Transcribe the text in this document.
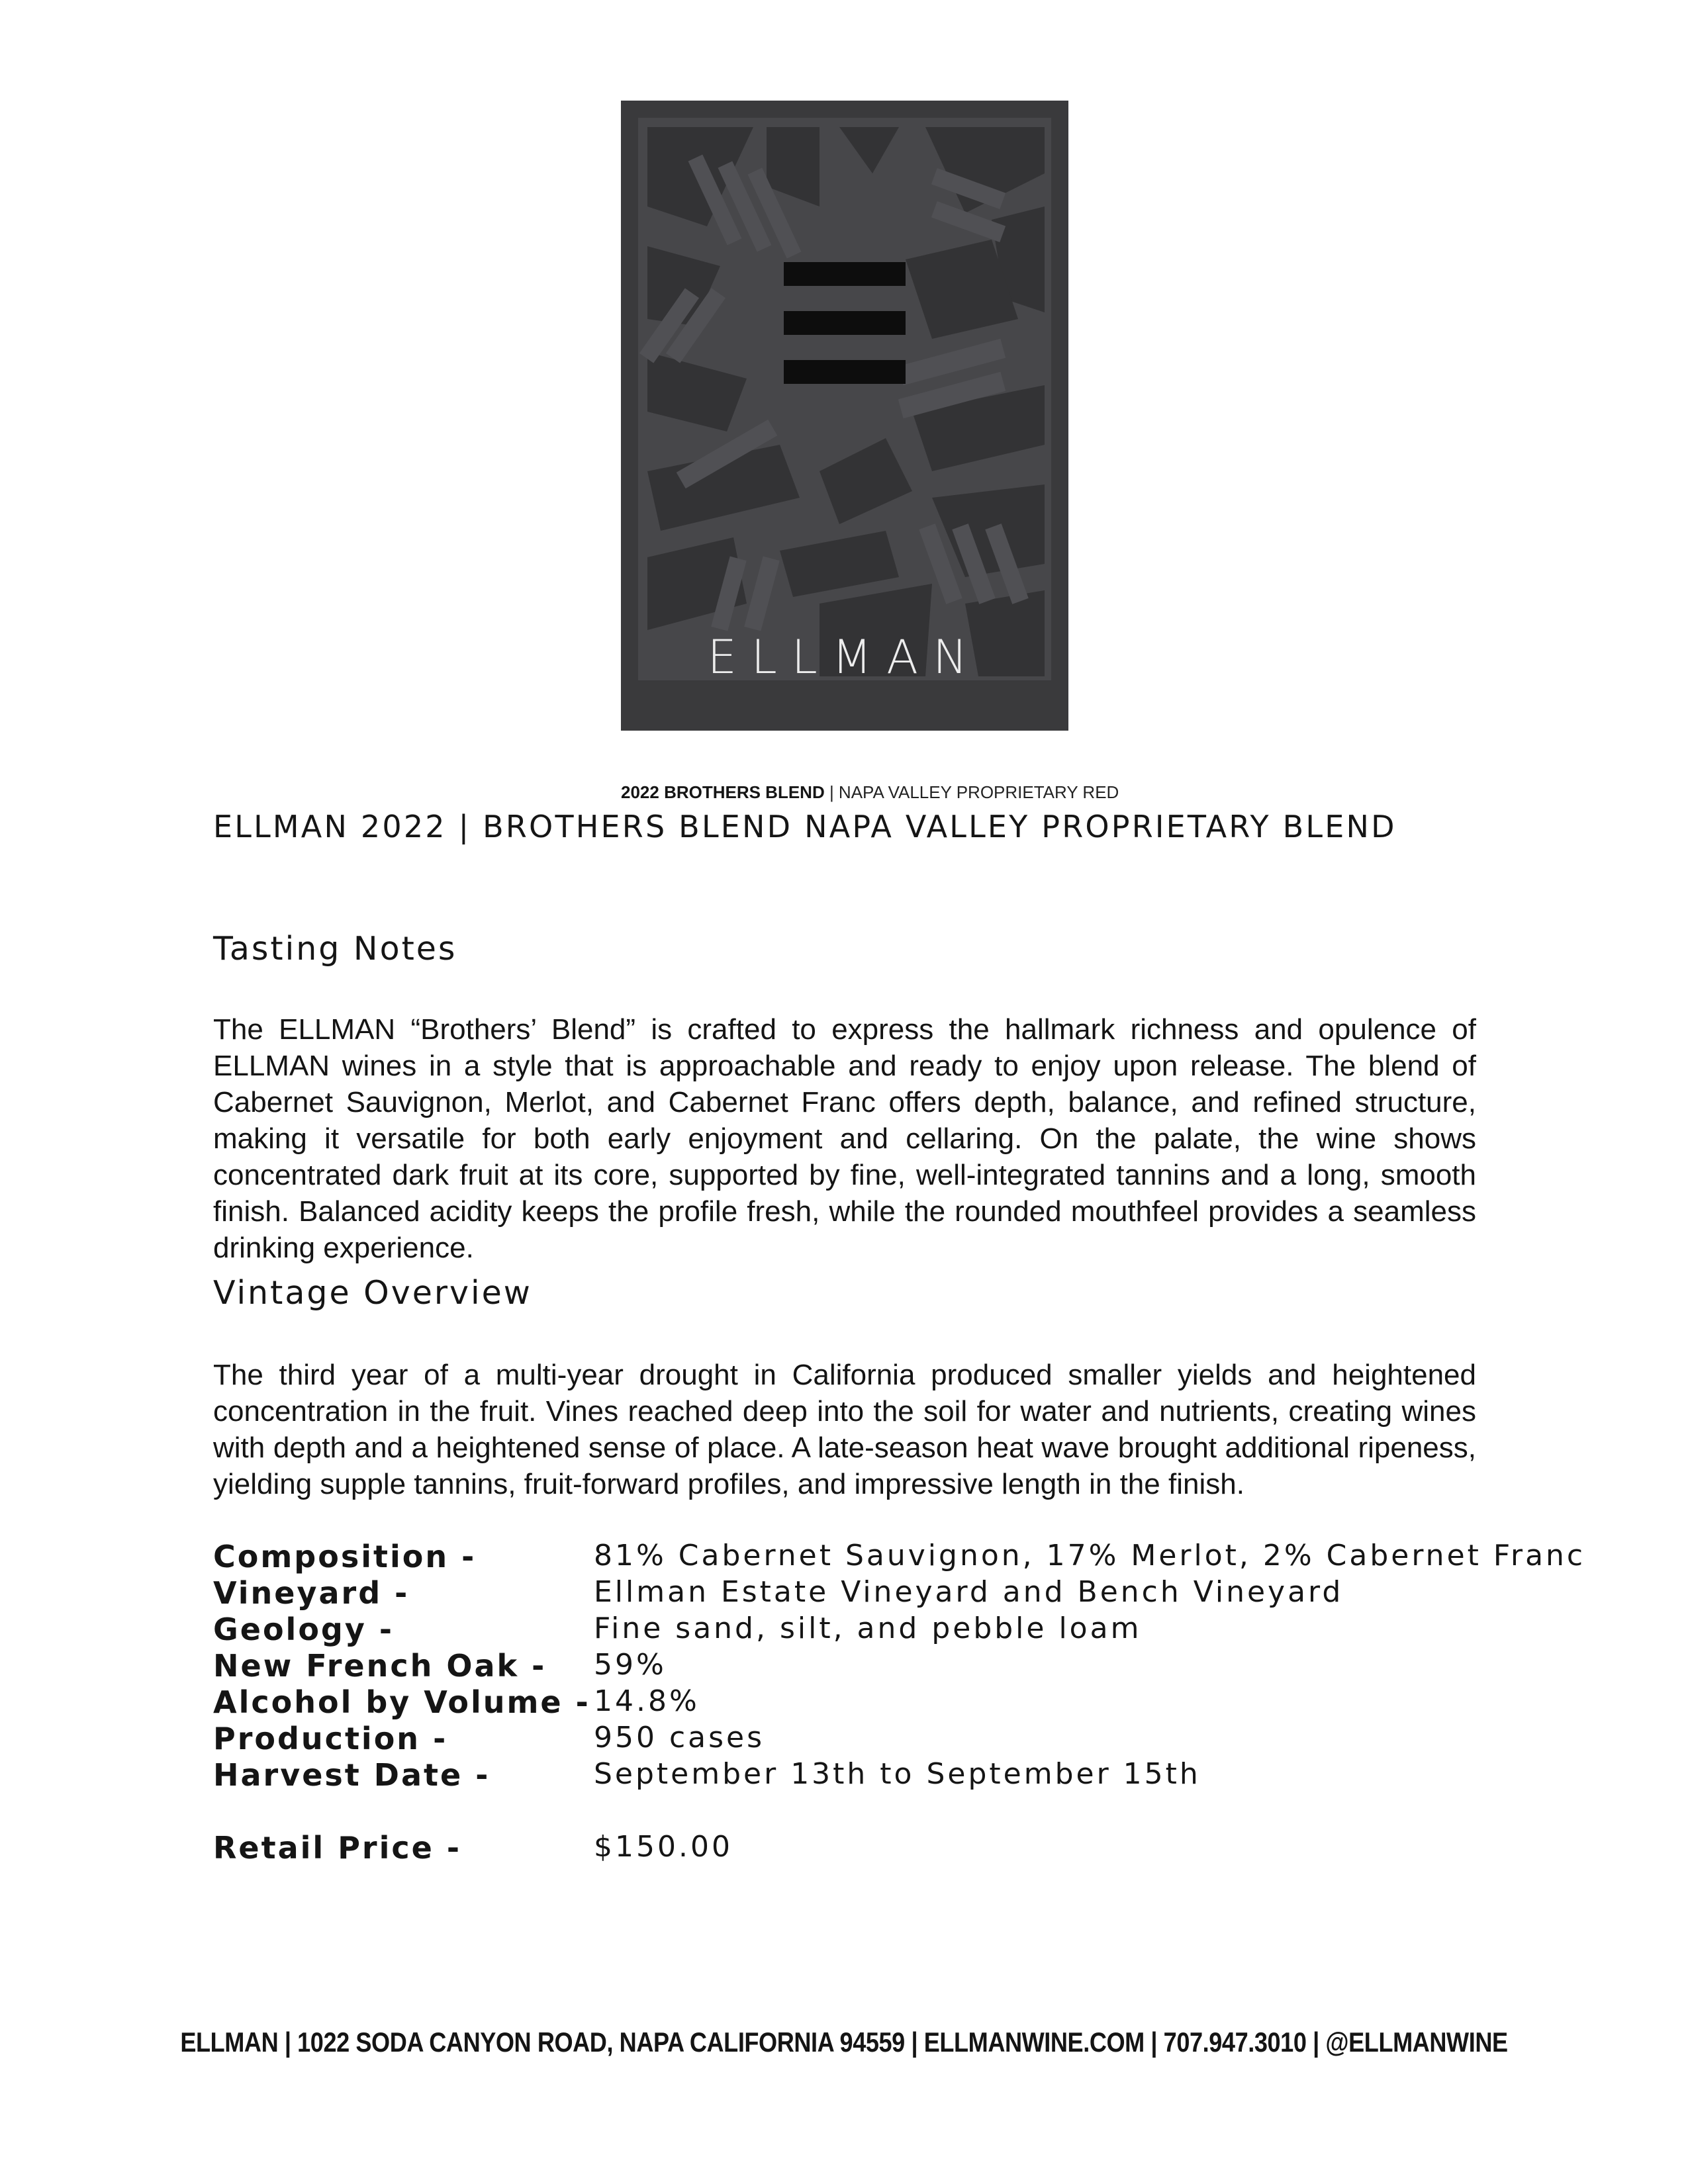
ELLMAN
2022 BROTHERS BLEND | NAPA VALLEY PROPRIETARY RED
ELLMAN 2022 | BROTHERS BLEND NAPA VALLEY PROPRIETARY BLEND
Tasting Notes
The ELLMAN “Brothers’ Blend” is crafted to express the hallmark richness and opulence of ELLMAN wines in a style that is approachable and ready to enjoy upon release. The blend of Cabernet Sauvignon, Merlot, and Cabernet Franc offers depth, balance, and refined structure, making it versatile for both early enjoyment and cellaring. On the palate, the wine shows concentrated dark fruit at its core, supported by fine, well-integrated tannins and a long, smooth finish. Balanced acidity keeps the profile fresh, while the rounded mouthfeel provides a seamless drinking experience.
Vintage Overview
The third year of a multi-year drought in California produced smaller yields and heightened concentration in the fruit. Vines reached deep into the soil for water and nutrients, creating wines with depth and a heightened sense of place. A late-season heat wave brought additional ripeness, yielding supple tannins, fruit-forward profiles, and impressive length in the finish.
Composition -	81% Cabernet Sauvignon, 17% Merlot, 2% Cabernet Franc
Vineyard -	Ellman Estate Vineyard and Bench Vineyard
Geology -	Fine sand, silt, and pebble loam
New French Oak - 59%
Alcohol by Volume - 14.8%
Production -	950 cases
Harvest Date -	September 13th to September 15th
Retail Price -	$150.00
ELLMAN | 1022 SODA CANYON ROAD, NAPA CALIFORNIA 94559 | ELLMANWINE.COM | 707.947.3010 | @ELLMANWINE
